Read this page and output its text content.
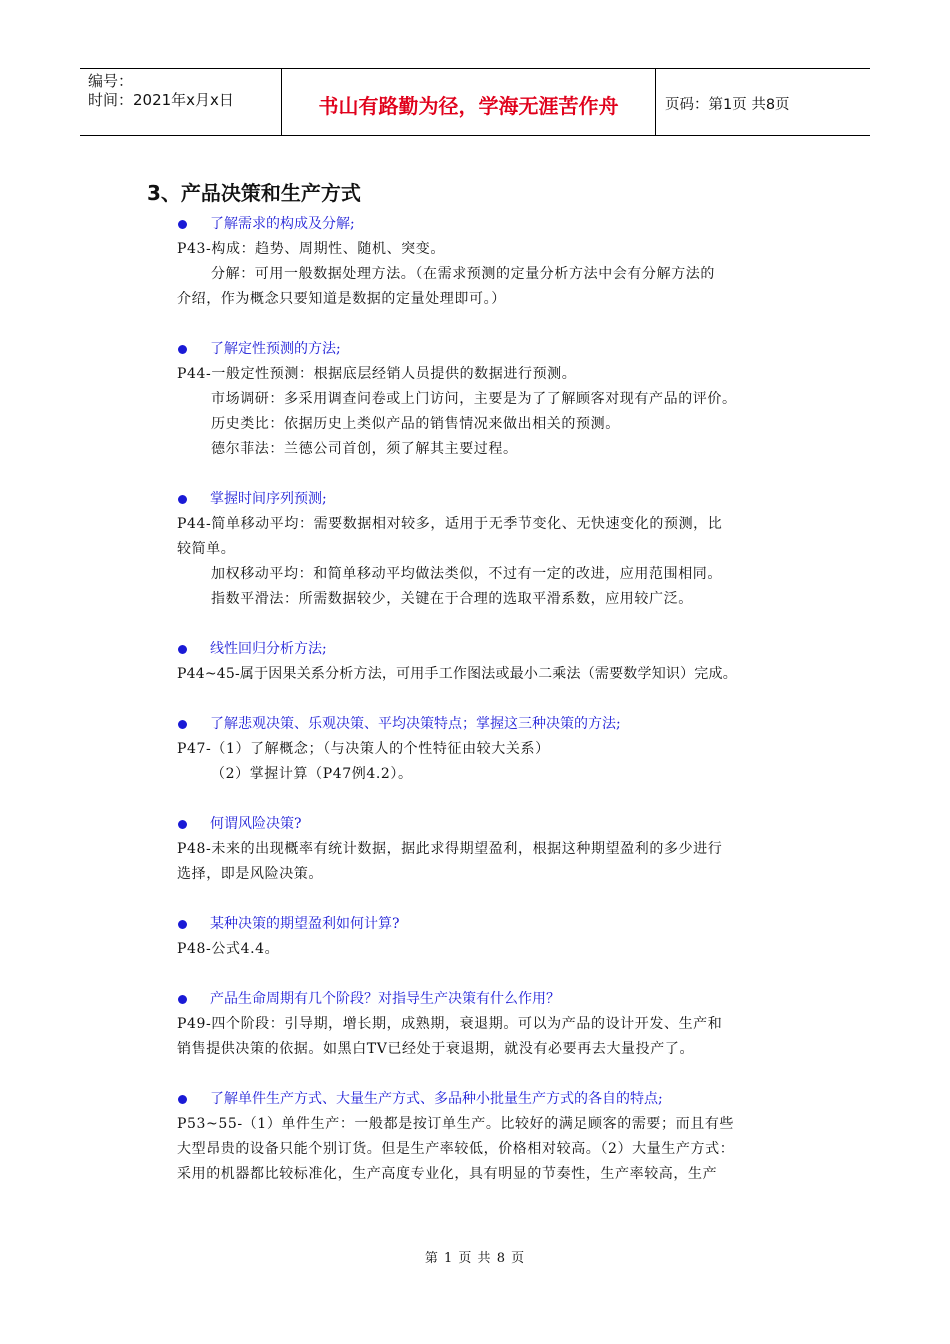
编号：
时间：2021年x月x日	书山有路勤为径，学海无涯苦作舟	页码：第1页 共8页
3、产品决策和生产方式
了解需求的构成及分解;
P43-构成：趋势、周期性、随机、突变。
分解：可用一般数据处理方法。（在需求预测的定量分析方法中会有分解方法的
介绍，作为概念只要知道是数据的定量处理即可。）
了解定性预测的方法;
P44-一般定性预测：根据底层经销人员提供的数据进行预测。
市场调研：多采用调查问卷或上门访问，主要是为了了解顾客对现有产品的评价。
历史类比：依据历史上类似产品的销售情况来做出相关的预测。
德尔菲法：兰德公司首创，须了解其主要过程。
掌握时间序列预测;
P44-简单移动平均：需要数据相对较多，适用于无季节变化、无快速变化的预测，比
较简单。
加权移动平均：和简单移动平均做法类似，不过有一定的改进，应用范围相同。
指数平滑法：所需数据较少，关键在于合理的选取平滑系数，应用较广泛。
线性回归分析方法;
P44~45-属于因果关系分析方法，可用手工作图法或最小二乘法（需要数学知识）完成。
了解悲观决策、乐观决策、平均决策特点；掌握这三种决策的方法;
P47-（1）了解概念；（与决策人的个性特征由较大关系）
（2）掌握计算（P47例4.2）。
何谓风险决策?
P48-未来的出现概率有统计数据，据此求得期望盈利，根据这种期望盈利的多少进行
选择，即是风险决策。
某种决策的期望盈利如何计算?
P48-公式4.4。
产品生命周期有几个阶段？对指导生产决策有什么作用？
P49-四个阶段：引导期，增长期，成熟期，衰退期。可以为产品的设计开发、生产和
销售提供决策的依据。如黑白TV已经处于衰退期，就没有必要再去大量投产了。
了解单件生产方式、大量生产方式、多品种小批量生产方式的各自的特点;
P53~55-（1）单件生产：一般都是按订单生产。比较好的满足顾客的需要；而且有些
大型昂贵的设备只能个别订货。但是生产率较低，价格相对较高。（2）大量生产方式：
采用的机器都比较标准化，生产高度专业化，具有明显的节奏性，生产率较高，生产
第 1 页 共 8 页
